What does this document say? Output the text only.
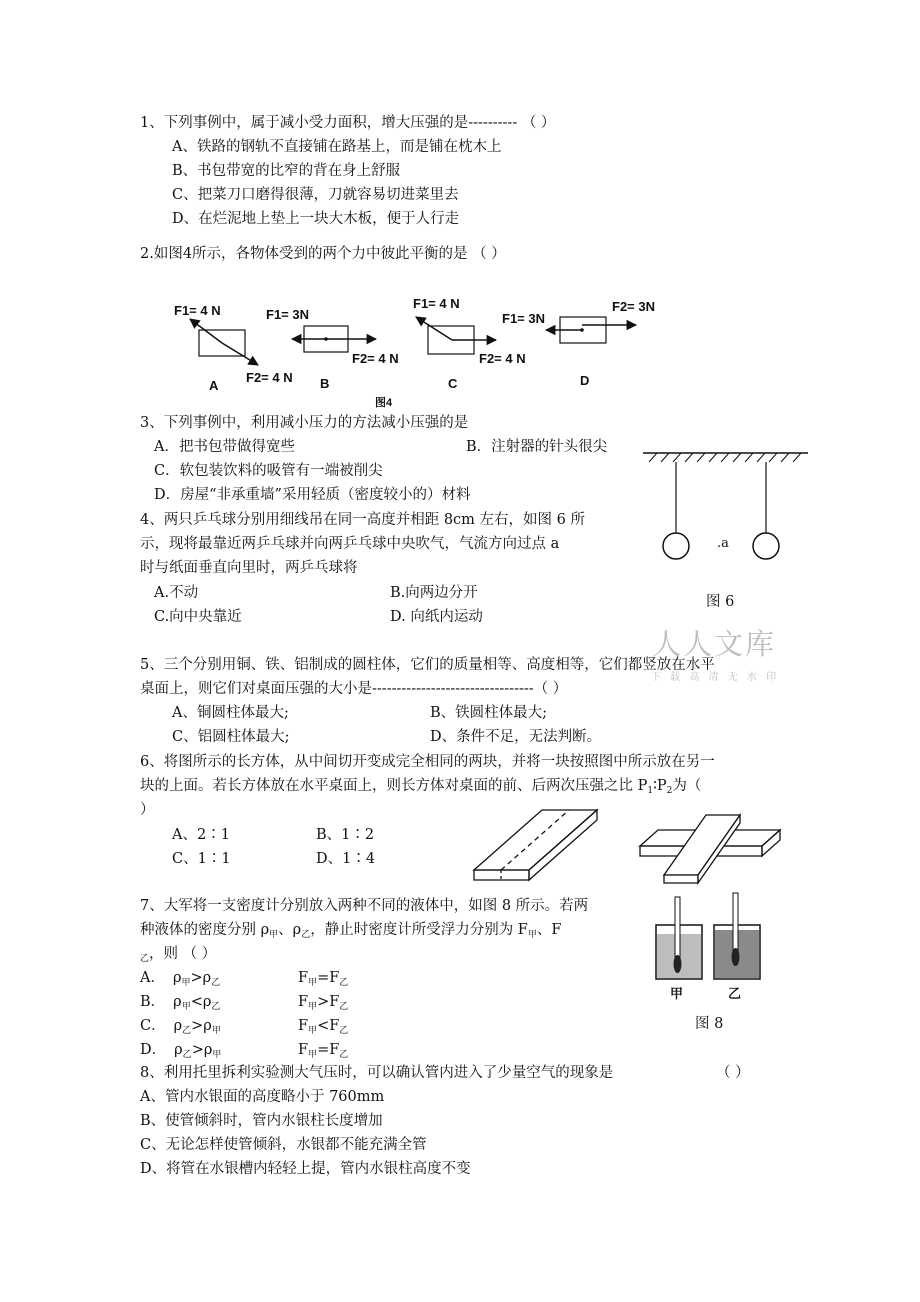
1、下列事例中，属于减小受力面积，增大压强的是---------- （ ）
A、铁路的钢轨不直接铺在路基上，而是铺在枕木上
B、书包带宽的比窄的背在身上舒服
C、把菜刀口磨得很薄，刀就容易切进菜里去
D、在烂泥地上垫上一块大木板，便于人行走
2.如图4所示，各物体受到的两个力中彼此平衡的是 （ ）
F1= 4 N
F2= 4 N
A
F1= 3N
F2= 4 N
B
F1= 4 N
F2= 4 N
C
F1= 3N
F2= 3N
D
图4
3、下列事例中，利用减小压力的方法减小压强的是
A．把书包带做得宽些	B．注射器的针头很尖
C．软包装饮料的吸管有一端被削尖
D．房屋“非承重墙”采用轻质（密度较小的）材料
.a
图 6
4、两只乒乓球分别用细线吊在同一高度并相距 8cm 左右，如图 6 所
示，现将最靠近两乒乓球并向两乒乓球中央吹气，气流方向过点 a
时与纸面垂直向里时，两乒乓球将
A.不动	B.向两边分开
C.向中央靠近	D. 向纸内运动
人人文库
下 载 高 清 无 水 印
5、三个分别用铜、铁、铝制成的圆柱体，它们的质量相等、高度相等，它们都竖放在水平
桌面上，则它们对桌面压强的大小是---------------------------------（ ）
A、铜圆柱体最大;	B、铁圆柱体最大;
C、铝圆柱体最大;	D、条件不足，无法判断。
6、将图所示的长方体，从中间切开变成完全相同的两块，并将一块按照图中所示放在另一
块的上面。若长方体放在水平桌面上，则长方体对桌面的前、后两次压强之比 $P_1∶P_2$为（
）
A、2∶1	B、1∶2
C、1∶1	D、1∶4
7、大军将一支密度计分别放入两种不同的液体中，如图 8 所示。若两
种液体的密度分别 $\rho_甲$、$\rho_乙$，静止时密度计所受浮力分别为 $F_甲$、F
$_乙$，则 （ ）
A． $\rho_甲>\rho_乙$	$F_甲=F_乙$
B． $\rho_甲<\rho_乙$	$F_甲>F_乙$
C． $\rho_乙>\rho_甲$	$F_甲<F_乙$
D． $\rho_乙>\rho_甲$	$F_甲=F_乙$
甲	乙
图 8
8、利用托里拆利实验测大气压时，可以确认管内进入了少量空气的现象是	（ ）
A、管内水银面的高度略小于 760mm
B、使管倾斜时，管内水银柱长度增加
C、无论怎样使管倾斜，水银都不能充满全管
D、将管在水银槽内轻轻上提，管内水银柱高度不变
